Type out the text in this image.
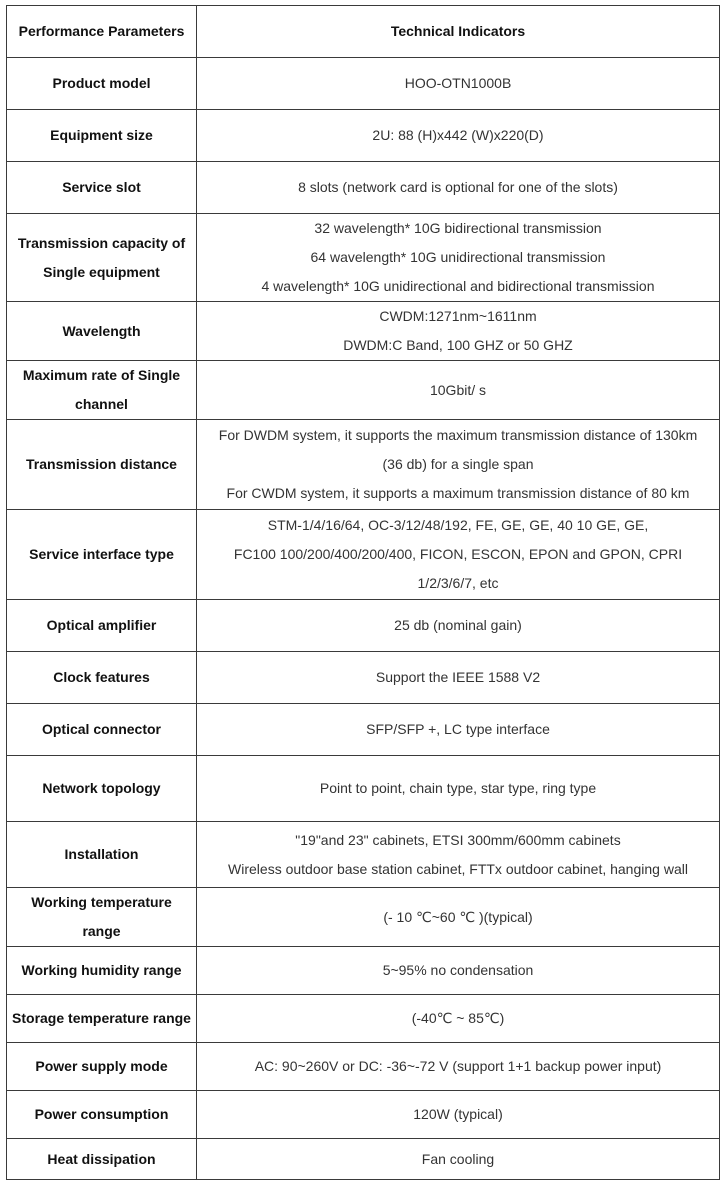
Performance Parameters	Technical Indicators
Product model	HOO-OTN1000B

Equipment size	2U: 88 (H)x442 (W)x220(D)

Service slot	8 slots (network card is optional for one of the slots)

Transmission capacity of Single equipment	32 wavelength* 10G bidirectional transmission
64 wavelength* 10G unidirectional transmission
4 wavelength* 10G unidirectional and bidirectional transmission

Wavelength	CWDM:1271nm~1611nm
DWDM:C Band, 100 GHZ or 50 GHZ

Maximum rate of Single channel	10Gbit/ s

Transmission distance	For DWDM system, it supports the maximum transmission distance of 130km
(36 db) for a single span
For CWDM system, it supports a maximum transmission distance of 80 km

Service interface type	STM-1/4/16/64, OC-3/12/48/192, FE, GE, GE, 40 10 GE, GE,
FC100 100/200/400/200/400, FICON, ESCON, EPON and GPON, CPRI
1/2/3/6/7, etc

Optical amplifier	25 db (nominal gain)

Clock features	Support the IEEE 1588 V2

Optical connector	SFP/SFP +, LC type interface

Network topology	Point to point, chain type, star type, ring type

Installation	"19"and 23" cabinets, ETSI 300mm/600mm cabinets
Wireless outdoor base station cabinet, FTTx outdoor cabinet, hanging wall

Working temperature range	(- 10 ℃~60 ℃ )(typical)

Working humidity range	5~95% no condensation

Storage temperature range	(-40℃ ~ 85℃)

Power supply mode	AC: 90~260V or DC: -36~-72 V (support 1+1 backup power input)

Power consumption	120W (typical)

Heat dissipation	Fan cooling
